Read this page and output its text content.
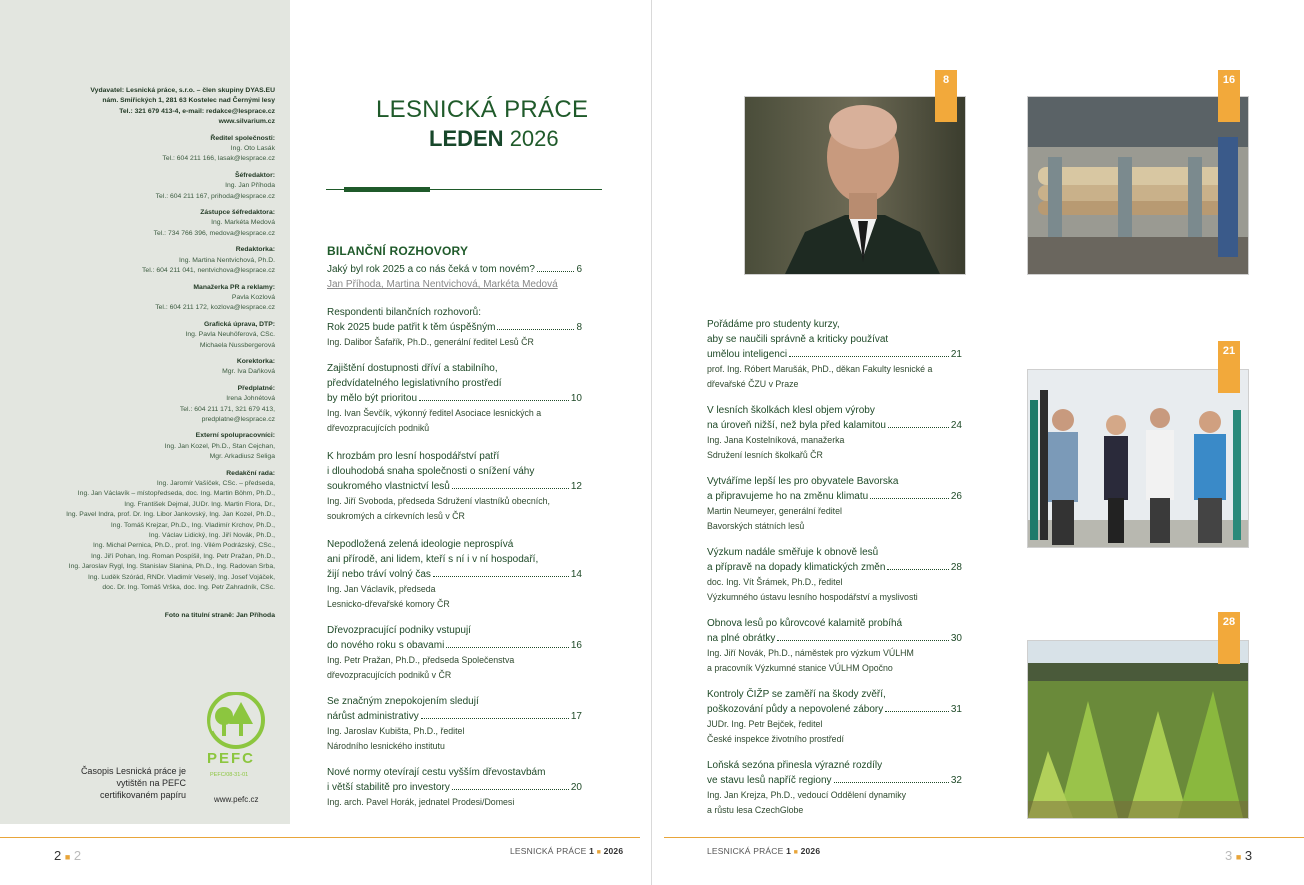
Vydavatel: Lesnická práce, s.r.o. – člen skupiny DYAS.EU
nám. Smiřických 1, 281 63 Kostelec nad Černými lesy
Tel.: 321 679 413-4, e-mail: redakce@lesprace.cz
www.silvarium.cz
Ředitel společnosti:
Ing. Oto Lasák
Tel.: 604 211 166, lasak@lesprace.cz
Šéfredaktor:
Ing. Jan Příhoda
Tel.: 604 211 167, prihoda@lesprace.cz
Zástupce šéfredaktora:
Ing. Markéta Medová
Tel.: 734 766 396, medova@lesprace.cz
Redaktorka:
Ing. Martina Nentvichová, Ph.D.
Tel.: 604 211 041, nentvichova@lesprace.cz
Manažerka PR a reklamy:
Pavla Kozlová
Tel.: 604 211 172, kozlova@lesprace.cz
Grafická úprava, DTP:
Ing. Pavla Neuhöferová, CSc.
Michaela Nussbergerová
Korektorka:
Mgr. Iva Daňková
Předplatné:
Irena Johnétová
Tel.: 604 211 171, 321 679 413,
predplatne@lesprace.cz
Externí spolupracovníci:
Ing. Jan Kozel, Ph.D., Stan Cejchan,
Mgr. Arkadiusz Seliga
Redakční rada:
Ing. Jaromír Vašíček, CSc. – předseda,
Ing. Jan Václavík – místopředseda, doc. Ing. Martin Böhm, Ph.D.,
Ing. František Dejmal, JUDr. Ing. Martin Flora, Dr.,
Ing. Pavel Indra, prof. Dr. Ing. Libor Jankovský, Ing. Jan Kozel, Ph.D.,
Ing. Tomáš Krejzar, Ph.D., Ing. Vladimír Krchov, Ph.D.,
Ing. Václav Lidický, Ing. Jiří Novák, Ph.D.,
Ing. Michal Pernica, Ph.D., prof. Ing. Vilém Podrázský, CSc.,
Ing. Jiří Pohan, Ing. Roman Pospíšil, Ing. Petr Pražan, Ph.D.,
Ing. Jaroslav Rygl, Ing. Stanislav Slanina, Ph.D., Ing. Radovan Srba,
Ing. Luděk Szórád, RNDr. Vladimír Veselý, Ing. Josef Vojáček,
doc. Dr. Ing. Tomáš Vrška, doc. Ing. Petr Zahradník, CSc.
Foto na titulní straně: Jan Příhoda
PEFC
PEFC/08-31-01
Časopis Lesnická práce je vytištěn na PEFC certifikovaném papíru	www.pefc.cz
LESNICKÁ PRÁCE
LEDEN 2026
BILANČNÍ ROZHOVORY
Jaký byl rok 2025 a co nás čeká v tom novém?	6
Jan Příhoda, Martina Nentvichová, Markéta Medová
Respondenti bilančních rozhovorů:
Rok 2025 bude patřit k těm úspěšným	8
Ing. Dalibor Šafařík, Ph.D., generální ředitel Lesů ČR
Zajištění dostupnosti dříví a stabilního,
předvídatelného legislativního prostředí
by mělo být prioritou	10
Ing. Ivan Ševčík, výkonný ředitel Asociace lesnických a
dřevozpracujících podniků
K hrozbám pro lesní hospodářství patří
i dlouhodobá snaha společnosti o snížení váhy
soukromého vlastnictví lesů	12
Ing. Jiří Svoboda, předseda Sdružení vlastníků obecních,
soukromých a církevních lesů v ČR
Nepodložená zelená ideologie neprospívá
ani přírodě, ani lidem, kteří s ní i v ní hospodaří,
žijí nebo tráví volný čas	14
Ing. Jan Václavík, předseda
Lesnicko-dřevařské komory ČR
Dřevozpracující podniky vstupují
do nového roku s obavami	16
Ing. Petr Pražan, Ph.D., předseda Společenstva
dřevozpracujících podniků v ČR
Se značným znepokojením sledují
nárůst administrativy	17
Ing. Jaroslav Kubišta, Ph.D., ředitel
Národního lesnického institutu
Nové normy otevírají cestu vyšším dřevostavbám
i větší stabilitě pro investory	20
Ing. arch. Pavel Horák, jednatel Prodesi/Domesi
Pořádáme pro studenty kurzy,
aby se naučili správně a kriticky používat
umělou inteligenci	21
prof. Ing. Róbert Marušák, PhD., děkan Fakulty lesnické a
dřevařské ČZU v Praze
V lesních školkách klesl objem výroby
na úroveň nižší, než byla před kalamitou	24
Ing. Jana Kostelníková, manažerka
Sdružení lesních školkařů ČR
Vytváříme lepší les pro obyvatele Bavorska
a připravujeme ho na změnu klimatu	26
Martin Neumeyer, generální ředitel
Bavorských státních lesů
Výzkum nadále směřuje k obnově lesů
a přípravě na dopady klimatických změn	28
doc. Ing. Vít Šrámek, Ph.D., ředitel
Výzkumného ústavu lesního hospodářství a myslivosti
Obnova lesů po kůrovcové kalamitě probíhá
na plné obrátky	30
Ing. Jiří Novák, Ph.D., náměstek pro výzkum VÚLHM
a pracovník Výzkumné stanice VÚLHM Opočno
Kontroly ČIŽP se zaměří na škody zvěří,
poškozování půdy a nepovolené zábory	31
JUDr. Ing. Petr Bejček, ředitel
České inspekce životního prostředí
Loňská sezóna přinesla výrazné rozdíly
ve stavu lesů napříč regiony	32
Ing. Jan Krejza, Ph.D., vedoucí Oddělení dynamiky
a růstu lesa CzechGlobe
8	16
21
28
2 ■ 2	LESNICKÁ PRÁCE 1 ■ 2026	LESNICKÁ PRÁCE 1 ■ 2026	3 ■ 3
